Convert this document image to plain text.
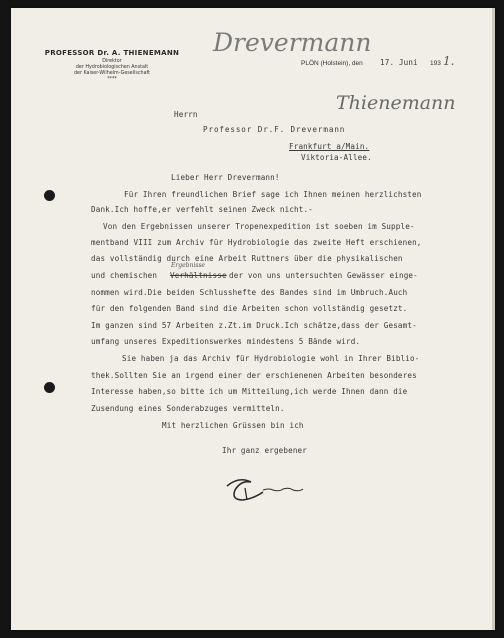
PROFESSOR Dr. A. THIENEMANN
Direktor
der Hydrobiologischen Anstalt
der Kaiser-Wilhelm-Gesellschaft
****
Drevermann
PLÖN (Holstein), den 17. Juni 193 1.
Thienemann
Herrn
Professor Dr.F. Drevermann
Frankfurt a/Main.
Viktoria-Allee.
Lieber Herr Drevermann!
Für Ihren freundlichen Brief sage ich Ihnen meinen herzlichsten
Dank.Ich hoffe,er verfehlt seinen Zweck nicht.-
Von den Ergebnissen unserer Tropenexpedition ist soeben im Supple-
mentband VIII zum Archiv für Hydrobiologie das zweite Heft erschienen,
das vollständig durch eine Arbeit Ruttners über die physikalischen
und chemischen
Ergebnisse
Verhältnisse der von uns untersuchten Gewässer einge-
nommen wird.Die beiden Schlusshefte des Bandes sind im Umbruch.Auch
für den folgenden Band sind die Arbeiten schon vollständig gesetzt.
Im ganzen sind 57 Arbeiten z.Zt.im Druck.Ich schätze,dass der Gesamt-
umfang unseres Expeditionswerkes mindestens 5 Bände wird.
Sie haben ja das Archiv für Hydrobiologie wohl in Ihrer Biblio-
thek.Sollten Sie an irgend einer der erschienenen Arbeiten besonderes
Interesse haben,so bitte ich um Mitteilung,ich werde Ihnen dann die
Zusendung eines Sonderabzuges vermitteln.
Mit herzlichen Grüssen bin ich
Ihr ganz ergebener
